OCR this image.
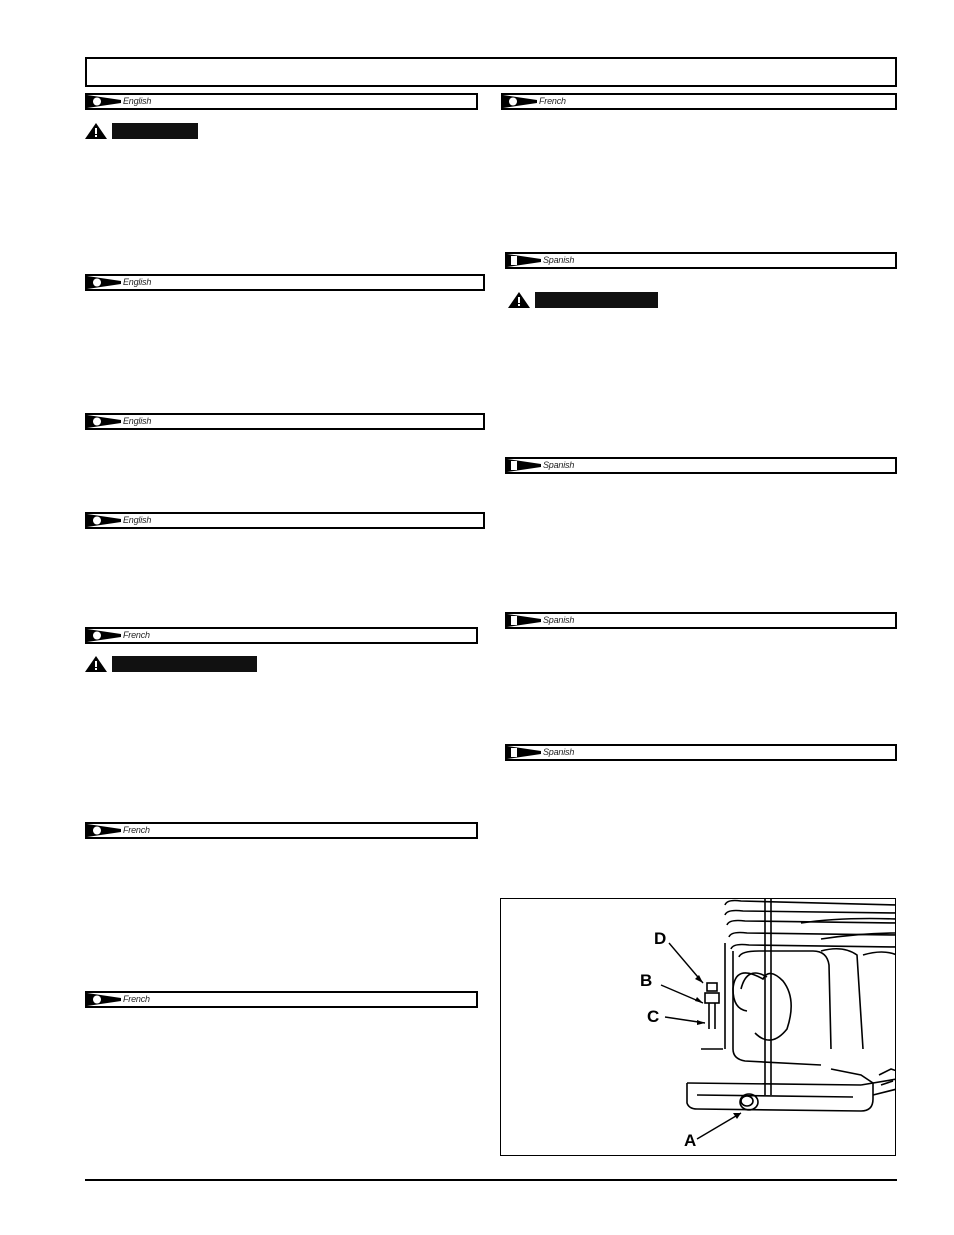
English
English
English
English
French
French
French
French
Spanish
Spanish
Spanish
Spanish
D
B
C
A
